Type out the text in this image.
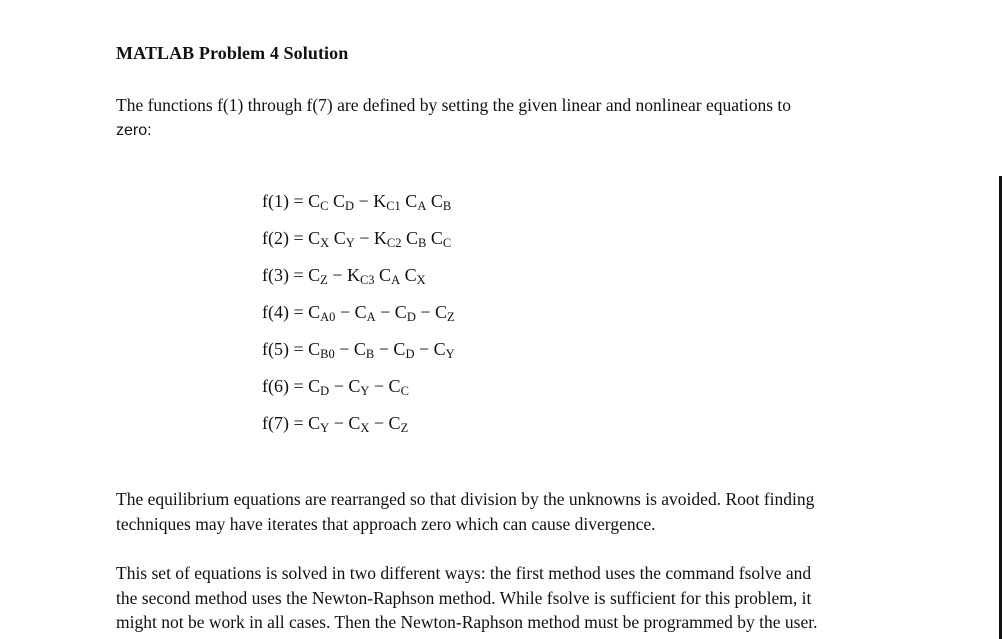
MATLAB Problem 4 Solution
The functions f(1) through f(7) are defined by setting the given linear and nonlinear equations to
zero:
$f(1) = C_C$ $C_D - K_{C1}$ $C_A$ $C_B$
$f(2) = C_X$ $C_Y - K_{C2}$ $C_B$ $C_C$
$f(3) = C_Z - K_{C3}$ $C_A$ $C_X$
$f(4) = C_{A0} - C_A - C_D - C_Z$
$f(5) = C_{B0} - C_B - C_D - C_Y$
$f(6) = C_D - C_Y - C_C$
$f(7) = C_Y - C_X - C_Z$
The equilibrium equations are rearranged so that division by the unknowns is avoided. Root finding
techniques may have iterates that approach zero which can cause divergence.
This set of equations is solved in two different ways: the first method uses the command fsolve and
the second method uses the Newton-Raphson method. While fsolve is sufficient for this problem, it
might not be work in all cases. Then the Newton-Raphson method must be programmed by the user.
